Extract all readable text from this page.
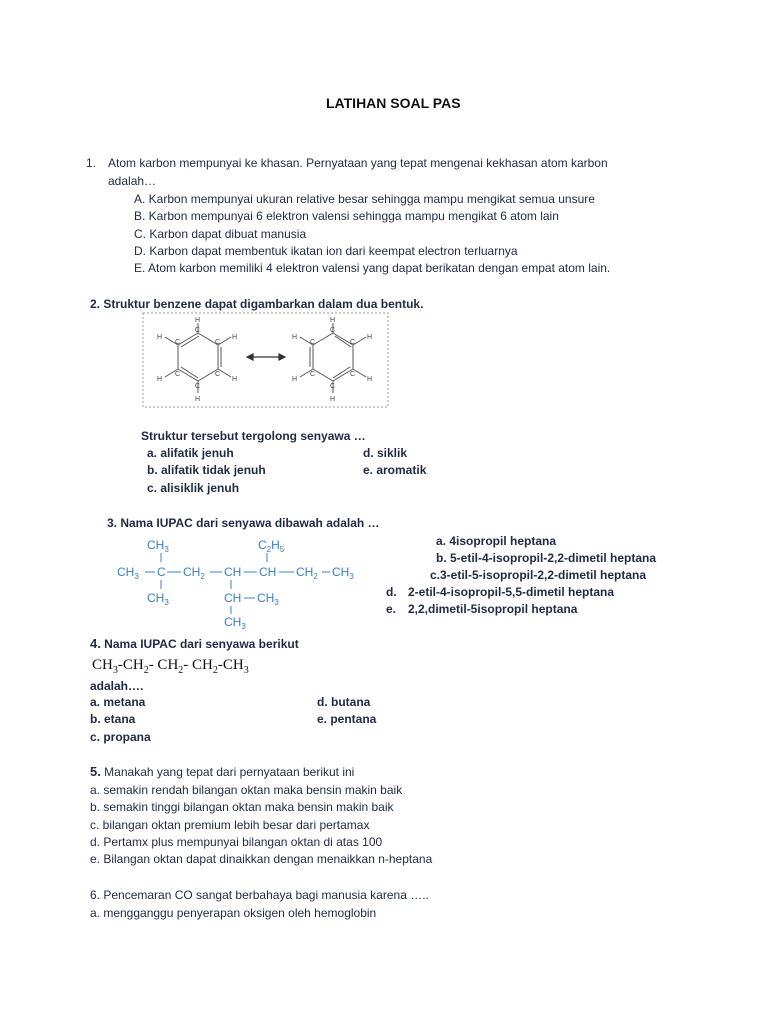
LATIHAN SOAL PAS
1. Atom karbon mempunyai ke khasan. Pernyataan yang tepat mengenai kekhasan atom karbon
adalah…
A. Karbon mempunyai ukuran relative besar sehingga mampu mengikat semua unsure
B. Karbon mempunyai 6 elektron valensi sehingga mampu mengikat 6 atom lain
C. Karbon dapat dibuat manusia
D. Karbon dapat membentuk ikatan ion dari keempat electron terluarnya
E. Atom karbon memiliki 4 elektron valensi yang dapat berikatan dengan empat atom lain.
2. Struktur benzene dapat digambarkan dalam dua bentuk.
H
H
H
H
H
H
C
C
C
C
C
C
H
H
H
H
H
H
C
C
C
C
C
C
Struktur tersebut tergolong senyawa …
a. alifatik jenuh
b. alifatik tidak jenuh
c. alisiklik jenuh
d. siklik
e. aromatik
3. Nama IUPAC dari senyawa dibawah adalah …
$CH_3$	$C_2H_5$
$CH_3$ C $CH_2$ CH CH $CH_2$ $CH_3$
$CH_3$	CH $CH_3$
$CH_3$
a. 4isopropil heptana
b. 5-etil-4-isopropil-2,2-dimetil heptana
c.3-etil-5-isopropil-2,2-dimetil heptana
d. 2-etil-4-isopropil-5,5-dimetil heptana
e. 2,2,dimetil-5isopropil heptana
4. Nama IUPAC dari senyawa berikut
$CH_3-CH_2-$ $CH_2-$ $CH_2-CH_3$
adalah….
a. metana
b. etana
c. propana
d. butana
e. pentana
5. Manakah yang tepat dari pernyataan berikut ini
a. semakin rendah bilangan oktan maka bensin makin baik
b. semakin tinggi bilangan oktan maka bensin makin baik
c. bilangan oktan premium lebih besar dari pertamax
d. Pertamx plus mempunyai bilangan oktan di atas 100
e. Bilangan oktan dapat dinaikkan dengan menaikkan n-heptana
6. Pencemaran CO sangat berbahaya bagi manusia karena …..
a. mengganggu penyerapan oksigen oleh hemoglobin
